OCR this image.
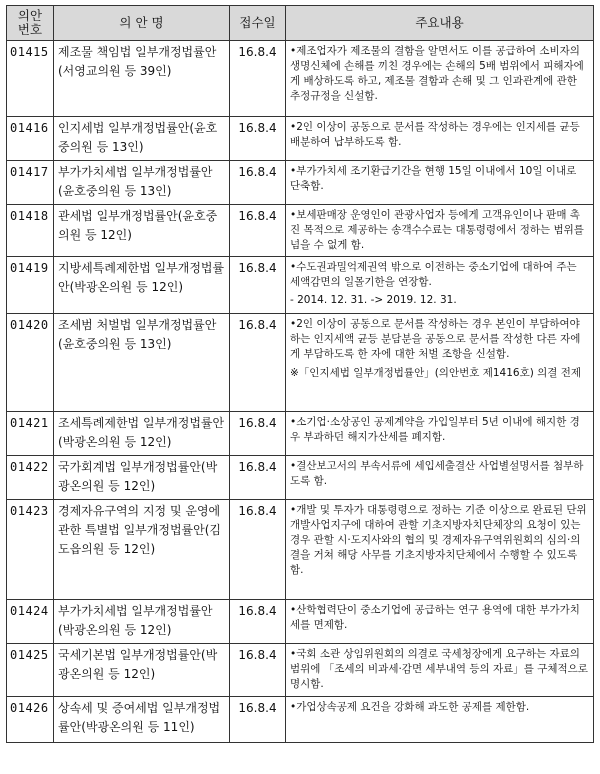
의안
번호	의 안 명	접수일	주요내용
01415	제조물 책임법 일부개정법률안(서영교의원 등 39인)	16.8.4	•제조업자가 제조물의 결함을 알면서도 이를 공급하여 소비자의 생명신체에 손해를 끼친 경우에는 손해의 5배 범위에서 피해자에게 배상하도록 하고, 제조물 결함과 손해 및 그 인과관계에 관한 추정규정을 신설함.

01416	인지세법 일부개정법률안(윤호중의원 등 13인)	16.8.4	•2인 이상이 공동으로 문서를 작성하는 경우에는 인지세를 균등 배분하여 납부하도록 함.

01417	부가가치세법 일부개정법률안(윤호중의원 등 13인)	16.8.4	•부가가치세 조기환급기간을 현행 15일 이내에서 10일 이내로 단축함.

01418	관세법 일부개정법률안(윤호중의원 등 12인)	16.8.4	•보세판매장 운영인이 관광사업자 등에게 고객유인이나 판매 촉진 목적으로 제공하는 송객수수료는 대통령령에서 정하는 범위를 넘을 수 없게 함.

01419	지방세특례제한법 일부개정법률안(박광온의원 등 12인)	16.8.4	•수도권과밀억제권역 밖으로 이전하는 중소기업에 대하여 주는 세액감면의 일몰기한을 연장함.
- 2014. 12. 31. -> 2019. 12. 31.

01420	조세범 처벌법 일부개정법률안(윤호중의원 등 13인)	16.8.4	•2인 이상이 공동으로 문서를 작성하는 경우 본인이 부담하여야 하는 인지세액 균등 분담분을 공동으로 문서를 작성한 다른 자에게 부담하도록 한 자에 대한 처벌 조항을 신설함.
※「인지세법 일부개정법률안」(의안번호 제1416호) 의결 전제

01421	조세특례제한법 일부개정법률안(박광온의원 등 12인)	16.8.4	•소기업·소상공인 공제계약을 가입일부터 5년 이내에 해지한 경우 부과하던 해지가산세를 폐지함.

01422	국가회계법 일부개정법률안(박광온의원 등 12인)	16.8.4	•결산보고서의 부속서류에 세입세출결산 사업별설명서를 첨부하도록 함.

01423	경제자유구역의 지정 및 운영에 관한 특별법 일부개정법률안(김도읍의원 등 12인)	16.8.4	•개발 및 투자가 대통령령으로 정하는 기준 이상으로 완료된 단위개발사업지구에 대하여 관할 기초지방자치단체장의 요청이 있는 경우 관할 시·도지사와의 협의 및 경제자유구역위원회의 심의·의결을 거쳐 해당 사무를 기초지방자치단체에서 수행할 수 있도록 함.

01424	부가가치세법 일부개정법률안(박광온의원 등 12인)	16.8.4	•산학협력단이 중소기업에 공급하는 연구 용역에 대한 부가가치세를 면제함.

01425	국세기본법 일부개정법률안(박광온의원 등 12인)	16.8.4	•국회 소관 상임위원회의 의결로 국세청장에게 요구하는 자료의 범위에 「조세의 비과세·감면 세부내역 등의 자료」를 구체적으로 명시함.

01426	상속세 및 증여세법 일부개정법률안(박광온의원 등 11인)	16.8.4	•가업상속공제 요건을 강화해 과도한 공제를 제한함.
